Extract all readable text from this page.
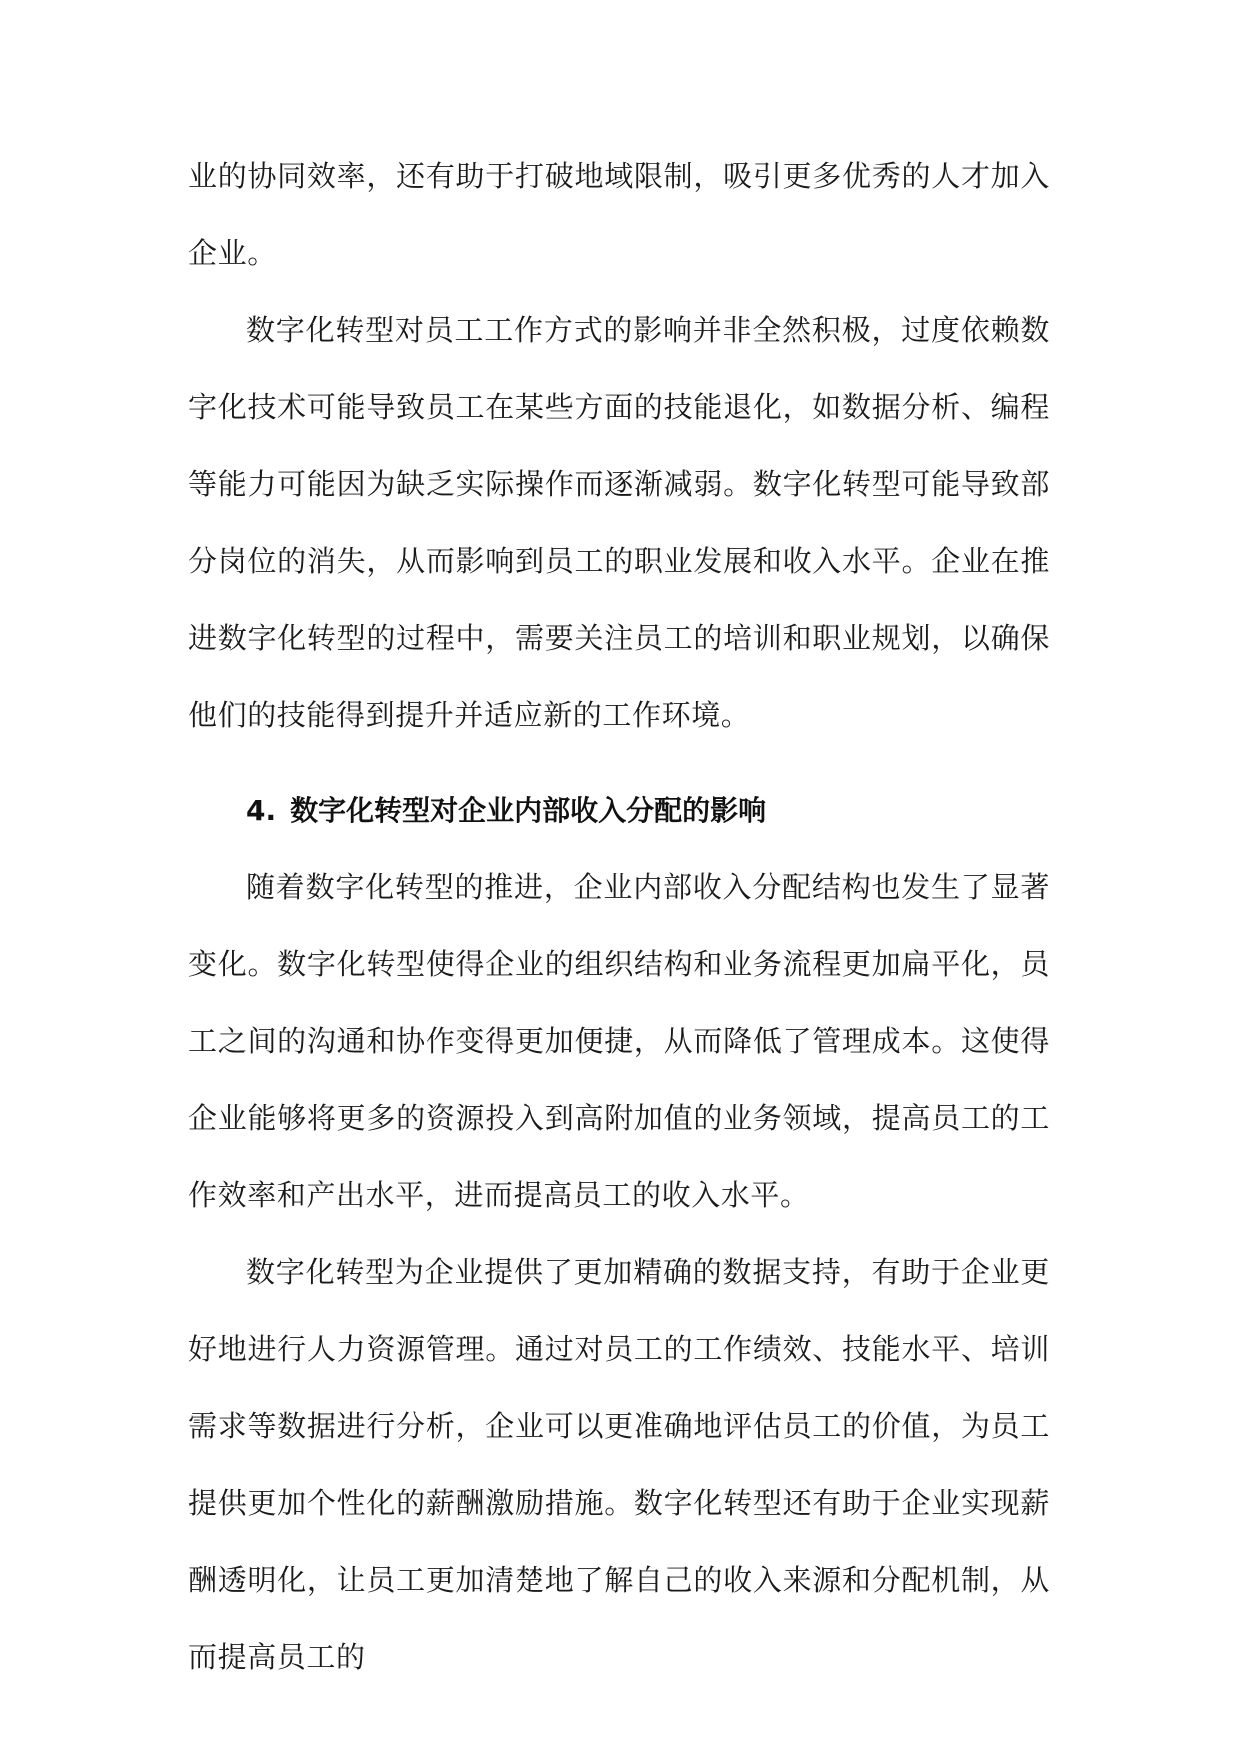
业的协同效率，还有助于打破地域限制，吸引更多优秀的人才加入企业。

数字化转型对员工工作方式的影响并非全然积极，过度依赖数字化技术可能导致员工在某些方面的技能退化，如数据分析、编程等能力可能因为缺乏实际操作而逐渐减弱。数字化转型可能导致部分岗位的消失，从而影响到员工的职业发展和收入水平。企业在推进数字化转型的过程中，需要关注员工的培训和职业规划，以确保他们的技能得到提升并适应新的工作环境。

4. 数字化转型对企业内部收入分配的影响

随着数字化转型的推进，企业内部收入分配结构也发生了显著变化。数字化转型使得企业的组织结构和业务流程更加扁平化，员工之间的沟通和协作变得更加便捷，从而降低了管理成本。这使得企业能够将更多的资源投入到高附加值的业务领域，提高员工的工作效率和产出水平，进而提高员工的收入水平。

数字化转型为企业提供了更加精确的数据支持，有助于企业更好地进行人力资源管理。通过对员工的工作绩效、技能水平、培训需求等数据进行分析，企业可以更准确地评估员工的价值，为员工提供更加个性化的薪酬激励措施。数字化转型还有助于企业实现薪酬透明化，让员工更加清楚地了解自己的收入来源和分配机制，从而提高员工的
